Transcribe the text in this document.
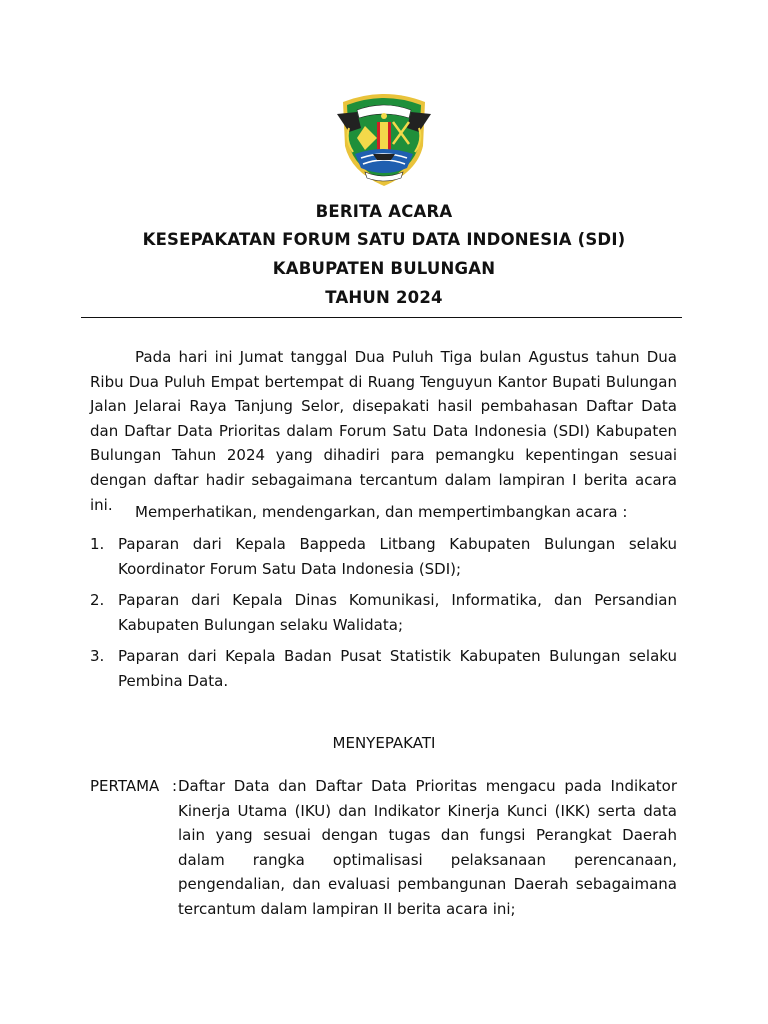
BERITA ACARA
KESEPAKATAN FORUM SATU DATA INDONESIA (SDI)
KABUPATEN BULUNGAN
TAHUN 2024

Pada hari ini Jumat tanggal Dua Puluh Tiga bulan Agustus tahun Dua Ribu Dua Puluh Empat bertempat di Ruang Tenguyun Kantor Bupati Bulungan Jalan Jelarai Raya Tanjung Selor, disepakati hasil pembahasan Daftar Data dan Daftar Data Prioritas dalam Forum Satu Data Indonesia (SDI) Kabupaten Bulungan Tahun 2024 yang dihadiri para pemangku kepentingan sesuai dengan daftar hadir sebagaimana tercantum dalam lampiran I berita acara ini.	Memperhatikan, mendengarkan, dan mempertimbangkan acara :

1. Paparan dari Kepala Bappeda Litbang Kabupaten Bulungan selaku Koordinator Forum Satu Data Indonesia (SDI);
2. Paparan dari Kepala Dinas Komunikasi, Informatika, dan Persandian Kabupaten Bulungan selaku Walidata;
3. Paparan dari Kepala Badan Pusat Statistik Kabupaten Bulungan selaku Pembina Data.
MENYEPAKATI
PERTAMA : Daftar Data dan Daftar Data Prioritas mengacu pada Indikator Kinerja Utama (IKU) dan Indikator Kinerja Kunci (IKK) serta data lain yang sesuai dengan tugas dan fungsi Perangkat Daerah dalam rangka optimalisasi pelaksanaan perencanaan, pengendalian, dan evaluasi pembangunan Daerah sebagaimana tercantum dalam lampiran II berita acara ini;
